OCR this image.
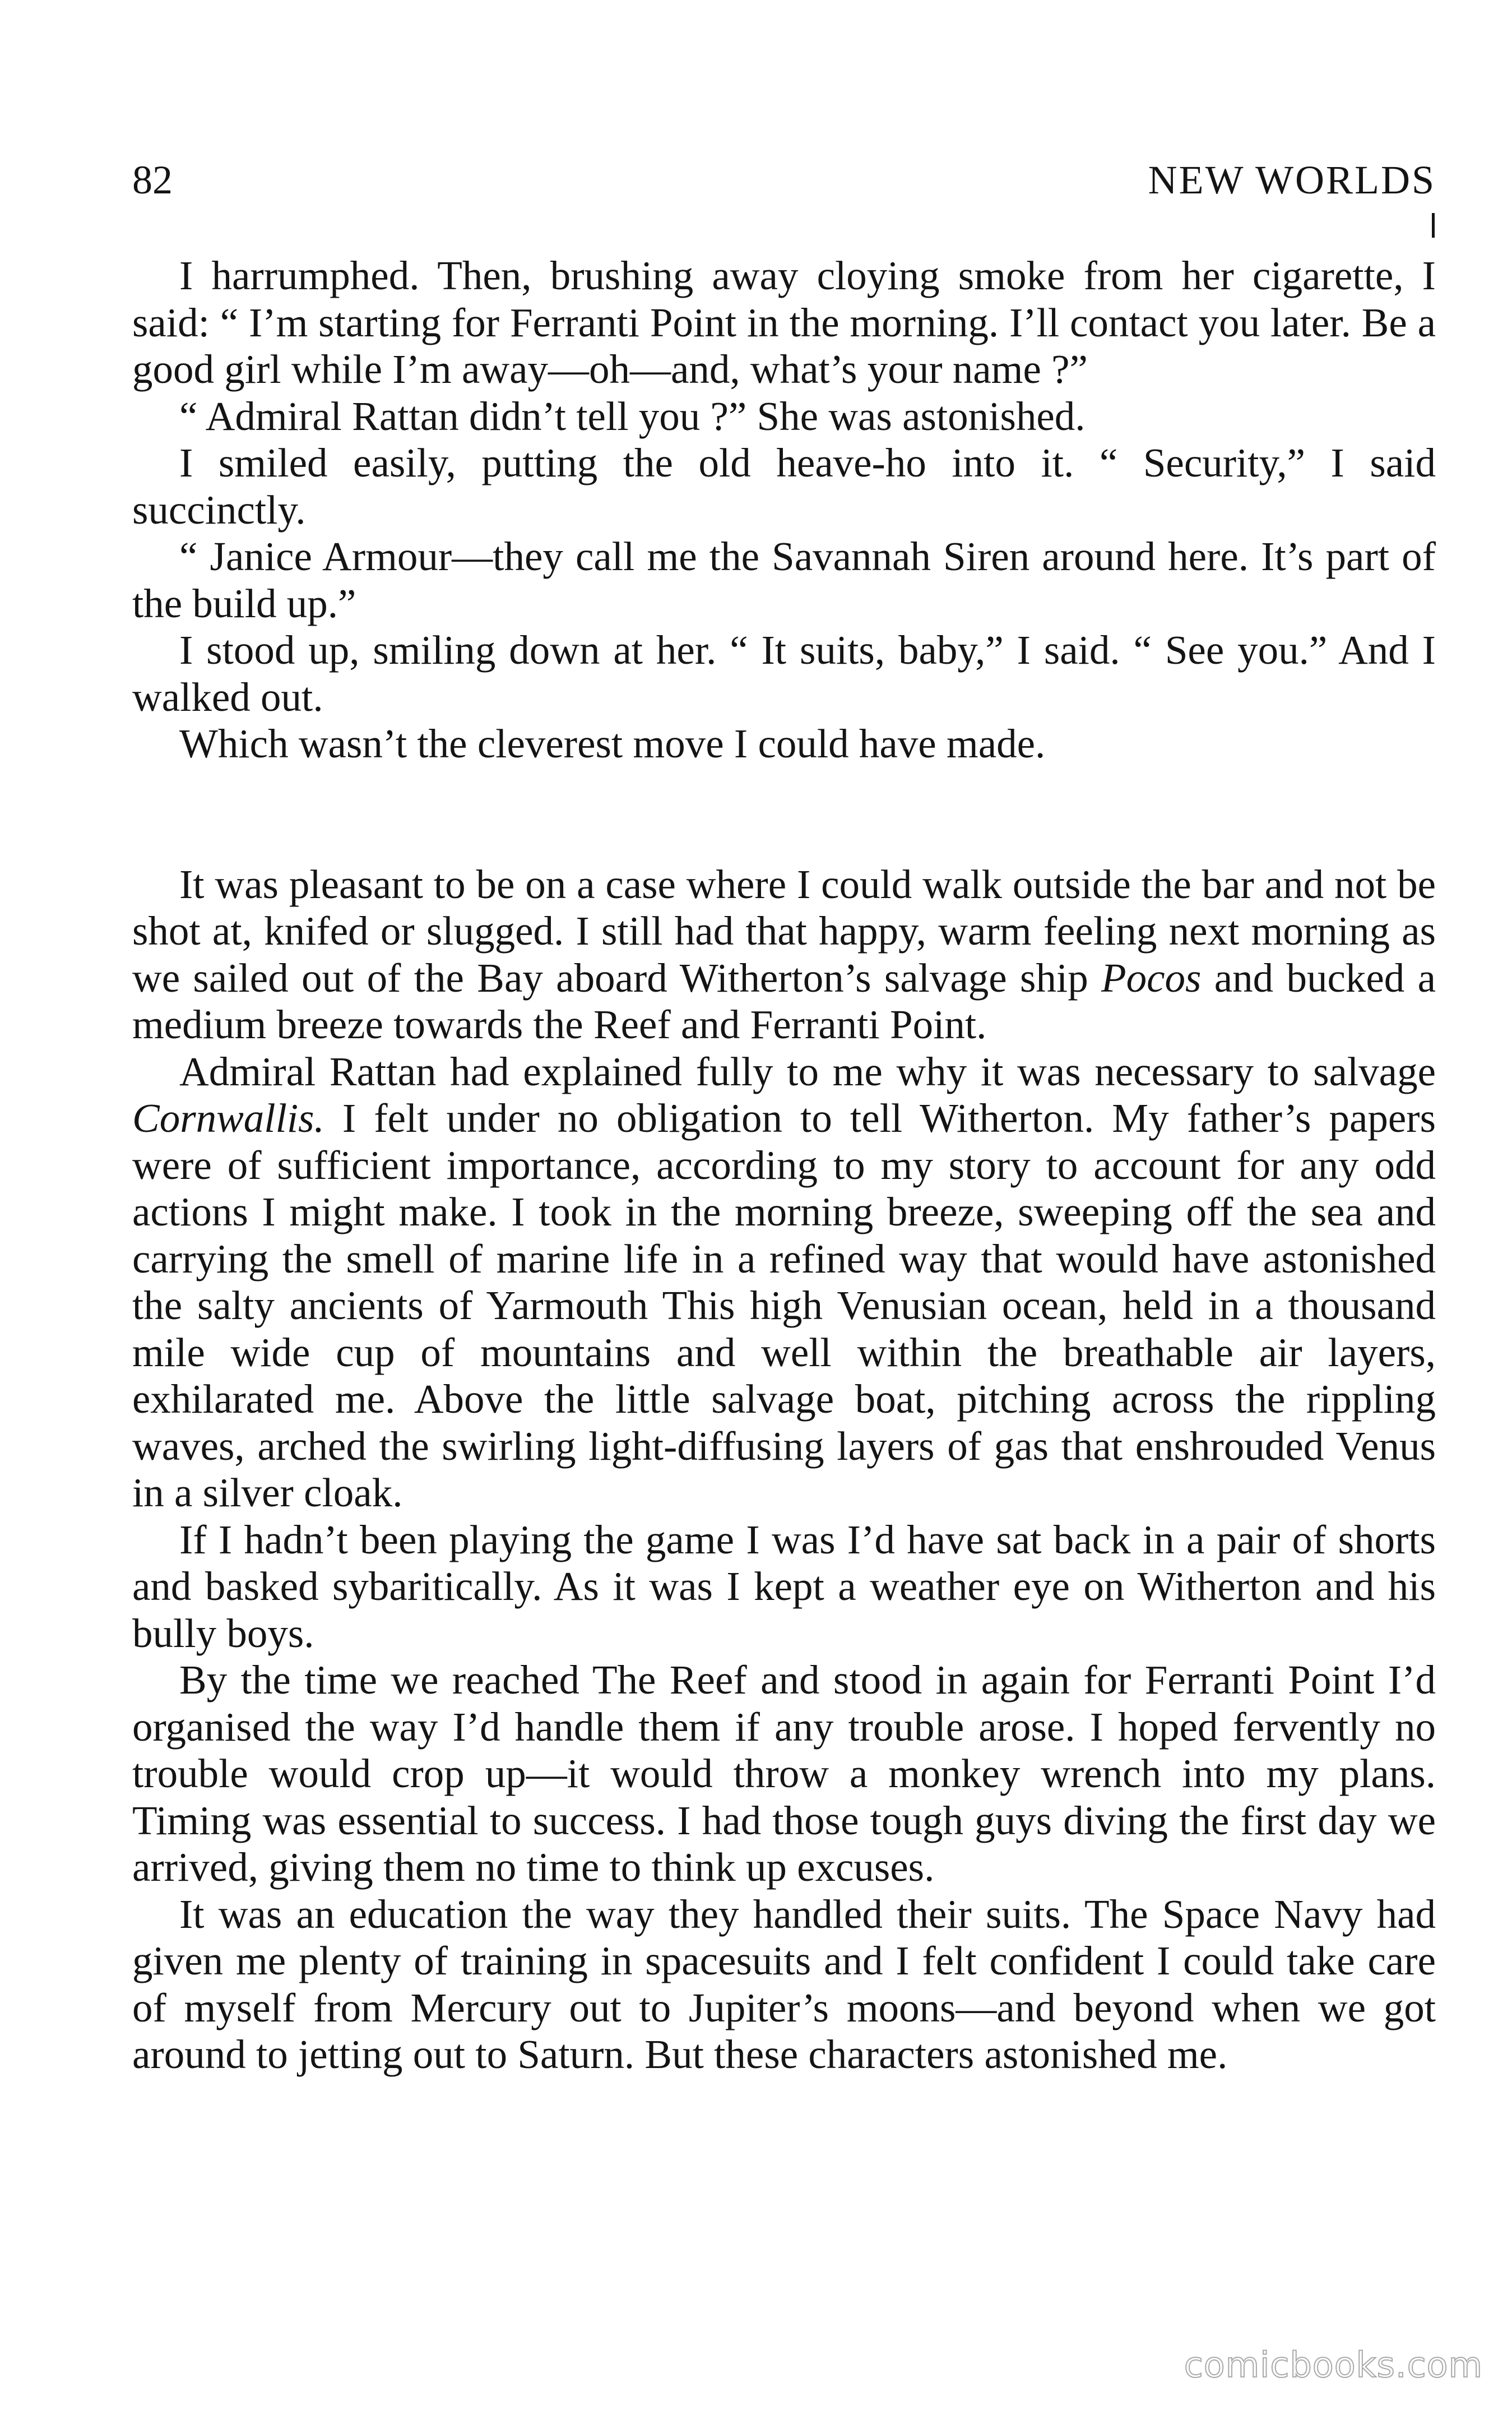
82	NEW WORLDS

I harrumphed. Then, brushing away cloying smoke from her cigarette, I said: “ I’m starting for Ferranti Point in the morning. I’ll contact you later. Be a good girl while I’m away—oh—and, what’s your name ?”

“ Admiral Rattan didn’t tell you ?” She was astonished.

I smiled easily, putting the old heave-ho into it. “ Security,” I said succinctly.

“ Janice Armour—they call me the Savannah Siren around here. It’s part of the build up.”

I stood up, smiling down at her. “ It suits, baby,” I said. “ See you.” And I walked out.

Which wasn’t the cleverest move I could have made.

It was pleasant to be on a case where I could walk outside the bar and not be shot at, knifed or slugged. I still had that happy, warm feeling next morning as we sailed out of the Bay aboard Witherton’s salvage ship Pocos and bucked a medium breeze towards the Reef and Ferranti Point.

Admiral Rattan had explained fully to me why it was necessary to salvage Cornwallis. I felt under no obligation to tell Witherton. My father’s papers were of sufficient importance, according to my story to account for any odd actions I might make. I took in the morning breeze, sweeping off the sea and carrying the smell of marine life in a refined way that would have astonished the salty ancients of Yarmouth This high Venusian ocean, held in a thousand mile wide cup of mountains and well within the breathable air layers, exhilarated me. Above the little salvage boat, pitching across the rippling waves, arched the swirling light-diffusing layers of gas that enshrouded Venus in a silver cloak.

If I hadn’t been playing the game I was I’d have sat back in a pair of shorts and basked sybaritically. As it was I kept a weather eye on Witherton and his bully boys.

By the time we reached The Reef and stood in again for Ferranti Point I’d organised the way I’d handle them if any trouble arose. I hoped fervently no trouble would crop up—it would throw a monkey wrench into my plans. Timing was essential to success. I had those tough guys diving the first day we arrived, giving them no time to think up excuses.

It was an education the way they handled their suits. The Space Navy had given me plenty of training in spacesuits and I felt confident I could take care of myself from Mercury out to Jupiter’s moons—and beyond when we got around to jetting out to Saturn. But these characters astonished me.

comicbooks.com
